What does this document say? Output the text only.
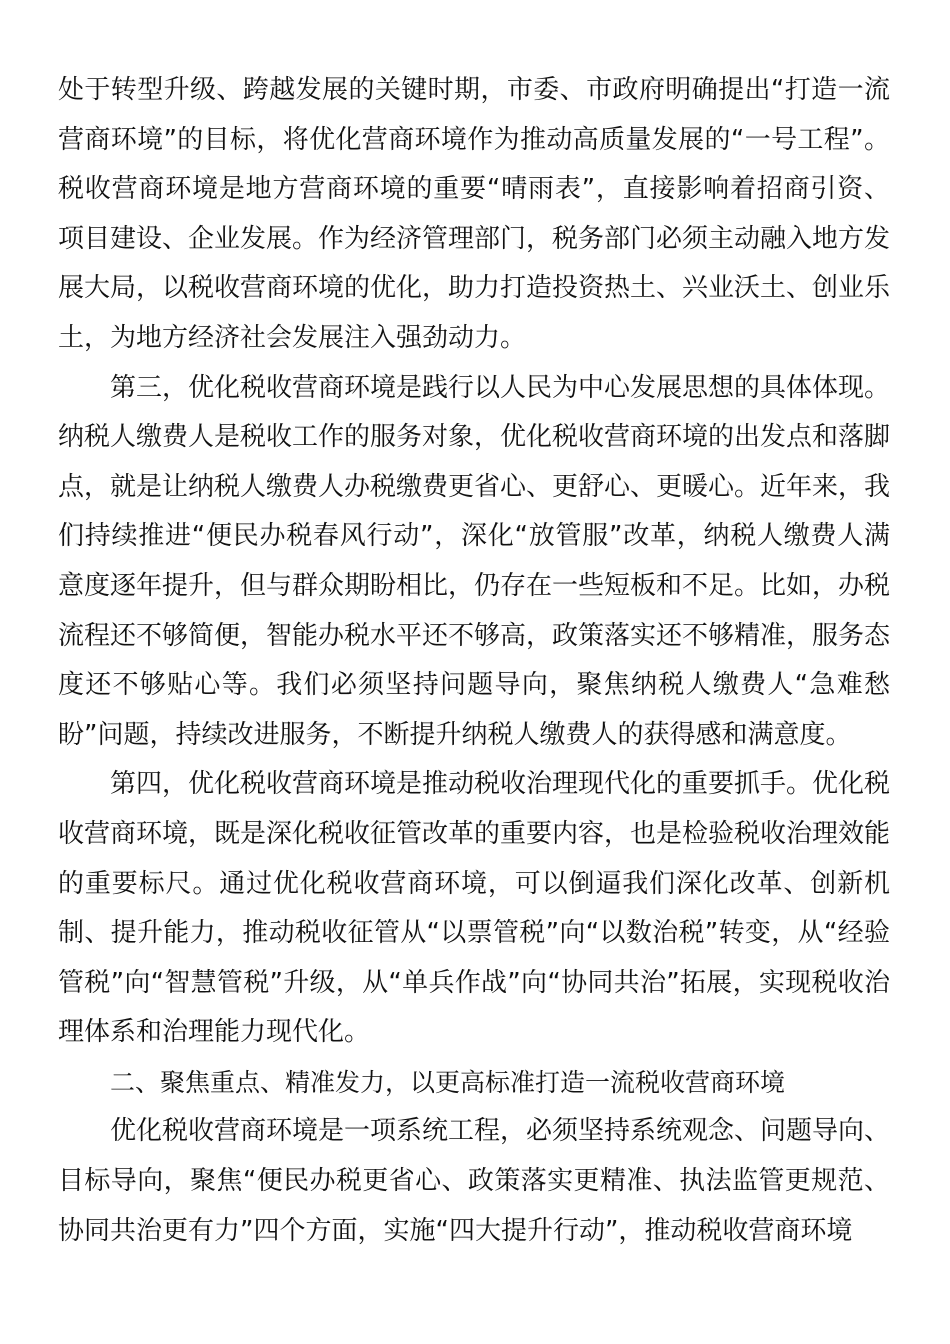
处于转型升级、跨越发展的关键时期，市委、市政府明确提出“打造一流营商环境”的目标，将优化营商环境作为推动高质量发展的“一号工程”。税收营商环境是地方营商环境的重要“晴雨表”，直接影响着招商引资、项目建设、企业发展。作为经济管理部门，税务部门必须主动融入地方发展大局，以税收营商环境的优化，助力打造投资热土、兴业沃土、创业乐土，为地方经济社会发展注入强劲动力。

第三，优化税收营商环境是践行以人民为中心发展思想的具体体现。纳税人缴费人是税收工作的服务对象，优化税收营商环境的出发点和落脚点，就是让纳税人缴费人办税缴费更省心、更舒心、更暖心。近年来，我们持续推进“便民办税春风行动”，深化“放管服”改革，纳税人缴费人满意度逐年提升，但与群众期盼相比，仍存在一些短板和不足。比如，办税流程还不够简便，智能办税水平还不够高，政策落实还不够精准，服务态度还不够贴心等。我们必须坚持问题导向，聚焦纳税人缴费人“急难愁盼”问题，持续改进服务，不断提升纳税人缴费人的获得感和满意度。

第四，优化税收营商环境是推动税收治理现代化的重要抓手。优化税收营商环境，既是深化税收征管改革的重要内容，也是检验税收治理效能的重要标尺。通过优化税收营商环境，可以倒逼我们深化改革、创新机制、提升能力，推动税收征管从“以票管税”向“以数治税”转变，从“经验管税”向“智慧管税”升级，从“单兵作战”向“协同共治”拓展，实现税收治理体系和治理能力现代化。

二、聚焦重点、精准发力，以更高标准打造一流税收营商环境

优化税收营商环境是一项系统工程，必须坚持系统观念、问题导向、目标导向，聚焦“便民办税更省心、政策落实更精准、执法监管更规范、协同共治更有力”四个方面，实施“四大提升行动”，推动税收营商环境
